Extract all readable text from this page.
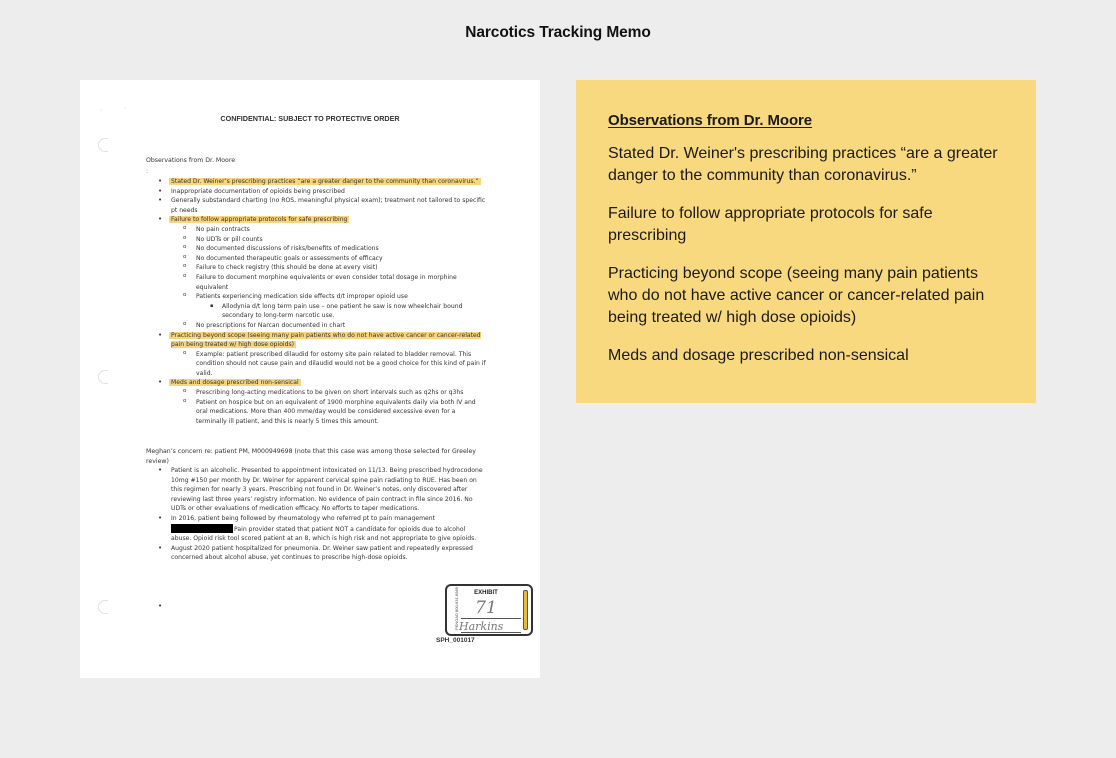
Narcotics Tracking Memo
·	·
CONFIDENTIAL: SUBJECT TO PROTECTIVE ORDER
Observations from Dr. Moore
:
• Stated Dr. Weiner’s prescribing practices “are a greater danger to the community than coronavirus.”
• Inappropriate documentation of opioids being prescribed
• Generally substandard charting (no ROS, meaningful physical exam); treatment not tailored to specific pt needs
• Failure to follow appropriate protocols for safe prescribing
o No pain contracts
o No UDTs or pill counts
o No documented discussions of risks/benefits of medications
o No documented therapeutic goals or assessments of efficacy
o Failure to check registry (this should be done at every visit)
o Failure to document morphine equivalents or even consider total dosage in morphine equivalent
o Patients experiencing medication side effects d/t improper opioid use
▪ Allodynia d/t long term pain use – one patient he saw is now wheelchair bound secondary to long-term narcotic use.
o No prescriptions for Narcan documented in chart
• Practicing beyond scope (seeing many pain patients who do not have active cancer or cancer-related pain being treated w/ high dose opioids)
o Example: patient prescribed dilaudid for ostomy site pain related to bladder removal. This condition should not cause pain and dilaudid would not be a good choice for this kind of pain if valid.
• Meds and dosage prescribed non-sensical
o Prescribing long-acting medications to be given on short intervals such as q2hs or q3hs
o Patient on hospice but on an equivalent of 1900 morphine equivalents daily via both IV and oral medications. More than 400 mme/day would be considered excessive even for a terminally ill patient, and this is nearly 5 times this amount.
Meghan’s concern re: patient PM, M000949698 (note that this case was among those selected for Greeley review)
• Patient is an alcoholic. Presented to appointment intoxicated on 11/13. Being prescribed hydrocodone 10mg #150 per month by Dr. Weiner for apparent cervical spine pain radiating to RUE. Has been on this regimen for nearly 3 years. Prescribing not found in Dr. Weiner’s notes, only discovered after reviewing last three years’ registry information. No evidence of pain contract in file since 2016. No UDTs or other evaluations of medication efficacy. No efforts to taper medications.
• In 2016, patient being followed by rheumatology who referred pt to pain management
Pain provider stated that patient NOT a candidate for opioids due to alcohol abuse. Opioid risk tool scored patient at an 8, which is high risk and not appropriate to give opioids.
• August 2020 patient hospitalized for pneumonia. Dr. Weiner saw patient and repeatedly expressed concerned about alcohol abuse, yet continues to prescribe high-dose opioids.
•
PENGAD 800-631-6989	EXHIBIT
71
Harkins
SPH_001017
Observations from Dr. Moore

Stated Dr. Weiner's prescribing practices “are a greater danger to the community than coronavirus.”

Failure to follow appropriate protocols for safe prescribing

Practicing beyond scope (seeing many pain patients who do not have active cancer or cancer-related pain being treated w/ high dose opioids)

Meds and dosage prescribed non-sensical
